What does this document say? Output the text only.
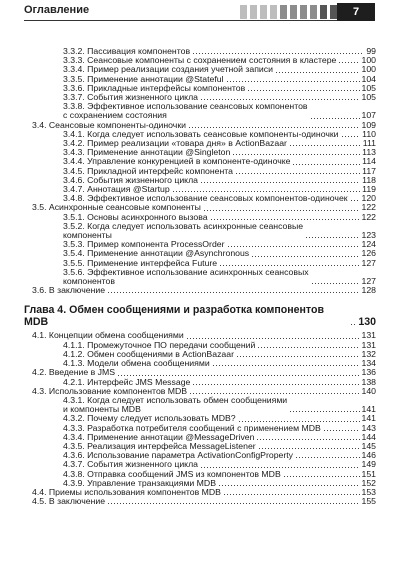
Оглавление	7
3.3.2. Пассивация компонентов	99
3.3.3. Сеансовые компоненты с сохранением состояния в кластере	100
3.3.4. Пример реализации создания учетной записи	100
3.3.5. Применение аннотации @Stateful	104
3.3.6. Прикладные интерфейсы компонентов	105
3.3.7. События жизненного цикла	105
3.3.8. Эффективное использование сеансовых компонентов
с сохранением состояния	107
3.4. Сеансовые компоненты-одиночки	109
3.4.1. Когда следует использовать сеансовые компоненты-одиночки	110
3.4.2. Пример реализации «товара дня» в ActionBazaar	111
3.4.3. Применение аннотации @Singleton	113
3.4.4. Управление конкуренцией в компоненте-одиночке	114
3.4.5. Прикладной интерфейс компонента	117
3.4.6. События жизненного цикла	118
3.4.7. Аннотация @Startup	119
3.4.8. Эффективное использование сеансовых компонентов-одиночек 120
3.5. Асинхронные сеансовые компоненты	122
3.5.1. Основы асинхронного вызова	122
3.5.2. Когда следует использовать асинхронные сеансовые
компоненты	123
3.5.3. Пример компонента ProcessOrder	124
3.5.4. Применение аннотации @Asynchronous	126
3.5.5. Применение интерфейса Future	127
3.5.6. Эффективное использование асинхронных сеансовых
компонентов	127
3.6. В заключение	128
Глава 4. Обмен сообщениями и разработка компонентов MDB	130
4.1. Концепции обмена сообщениями	131
4.1.1. Промежуточное ПО передачи сообщений	131
4.1.2. Обмен сообщениями в ActionBazaar	132
4.1.3. Модели обмена сообщениями	134
4.2. Введение в JMS	136
4.2.1. Интерфейс JMS Message	138
4.3. Использование компонентов MDB	140
4.3.1. Когда следует использовать обмен сообщениями
и компоненты MDB	141
4.3.2. Почему следует использовать MDB?	141
4.3.3. Разработка потребителя сообщений с применением MDB	143
4.3.4. Применение аннотации @MessageDriven	144
4.3.5. Реализация интерфейса MessageListener	145
4.3.6. Использование параметра ActivationConfigProperty	146
4.3.7. События жизненного цикла	149
4.3.8. Отправка сообщений JMS из компонентов MDB	151
4.3.9. Управление транзакциями MDB	152
4.4. Приемы использования компонентов MDB	153
4.5. В заключение	155
